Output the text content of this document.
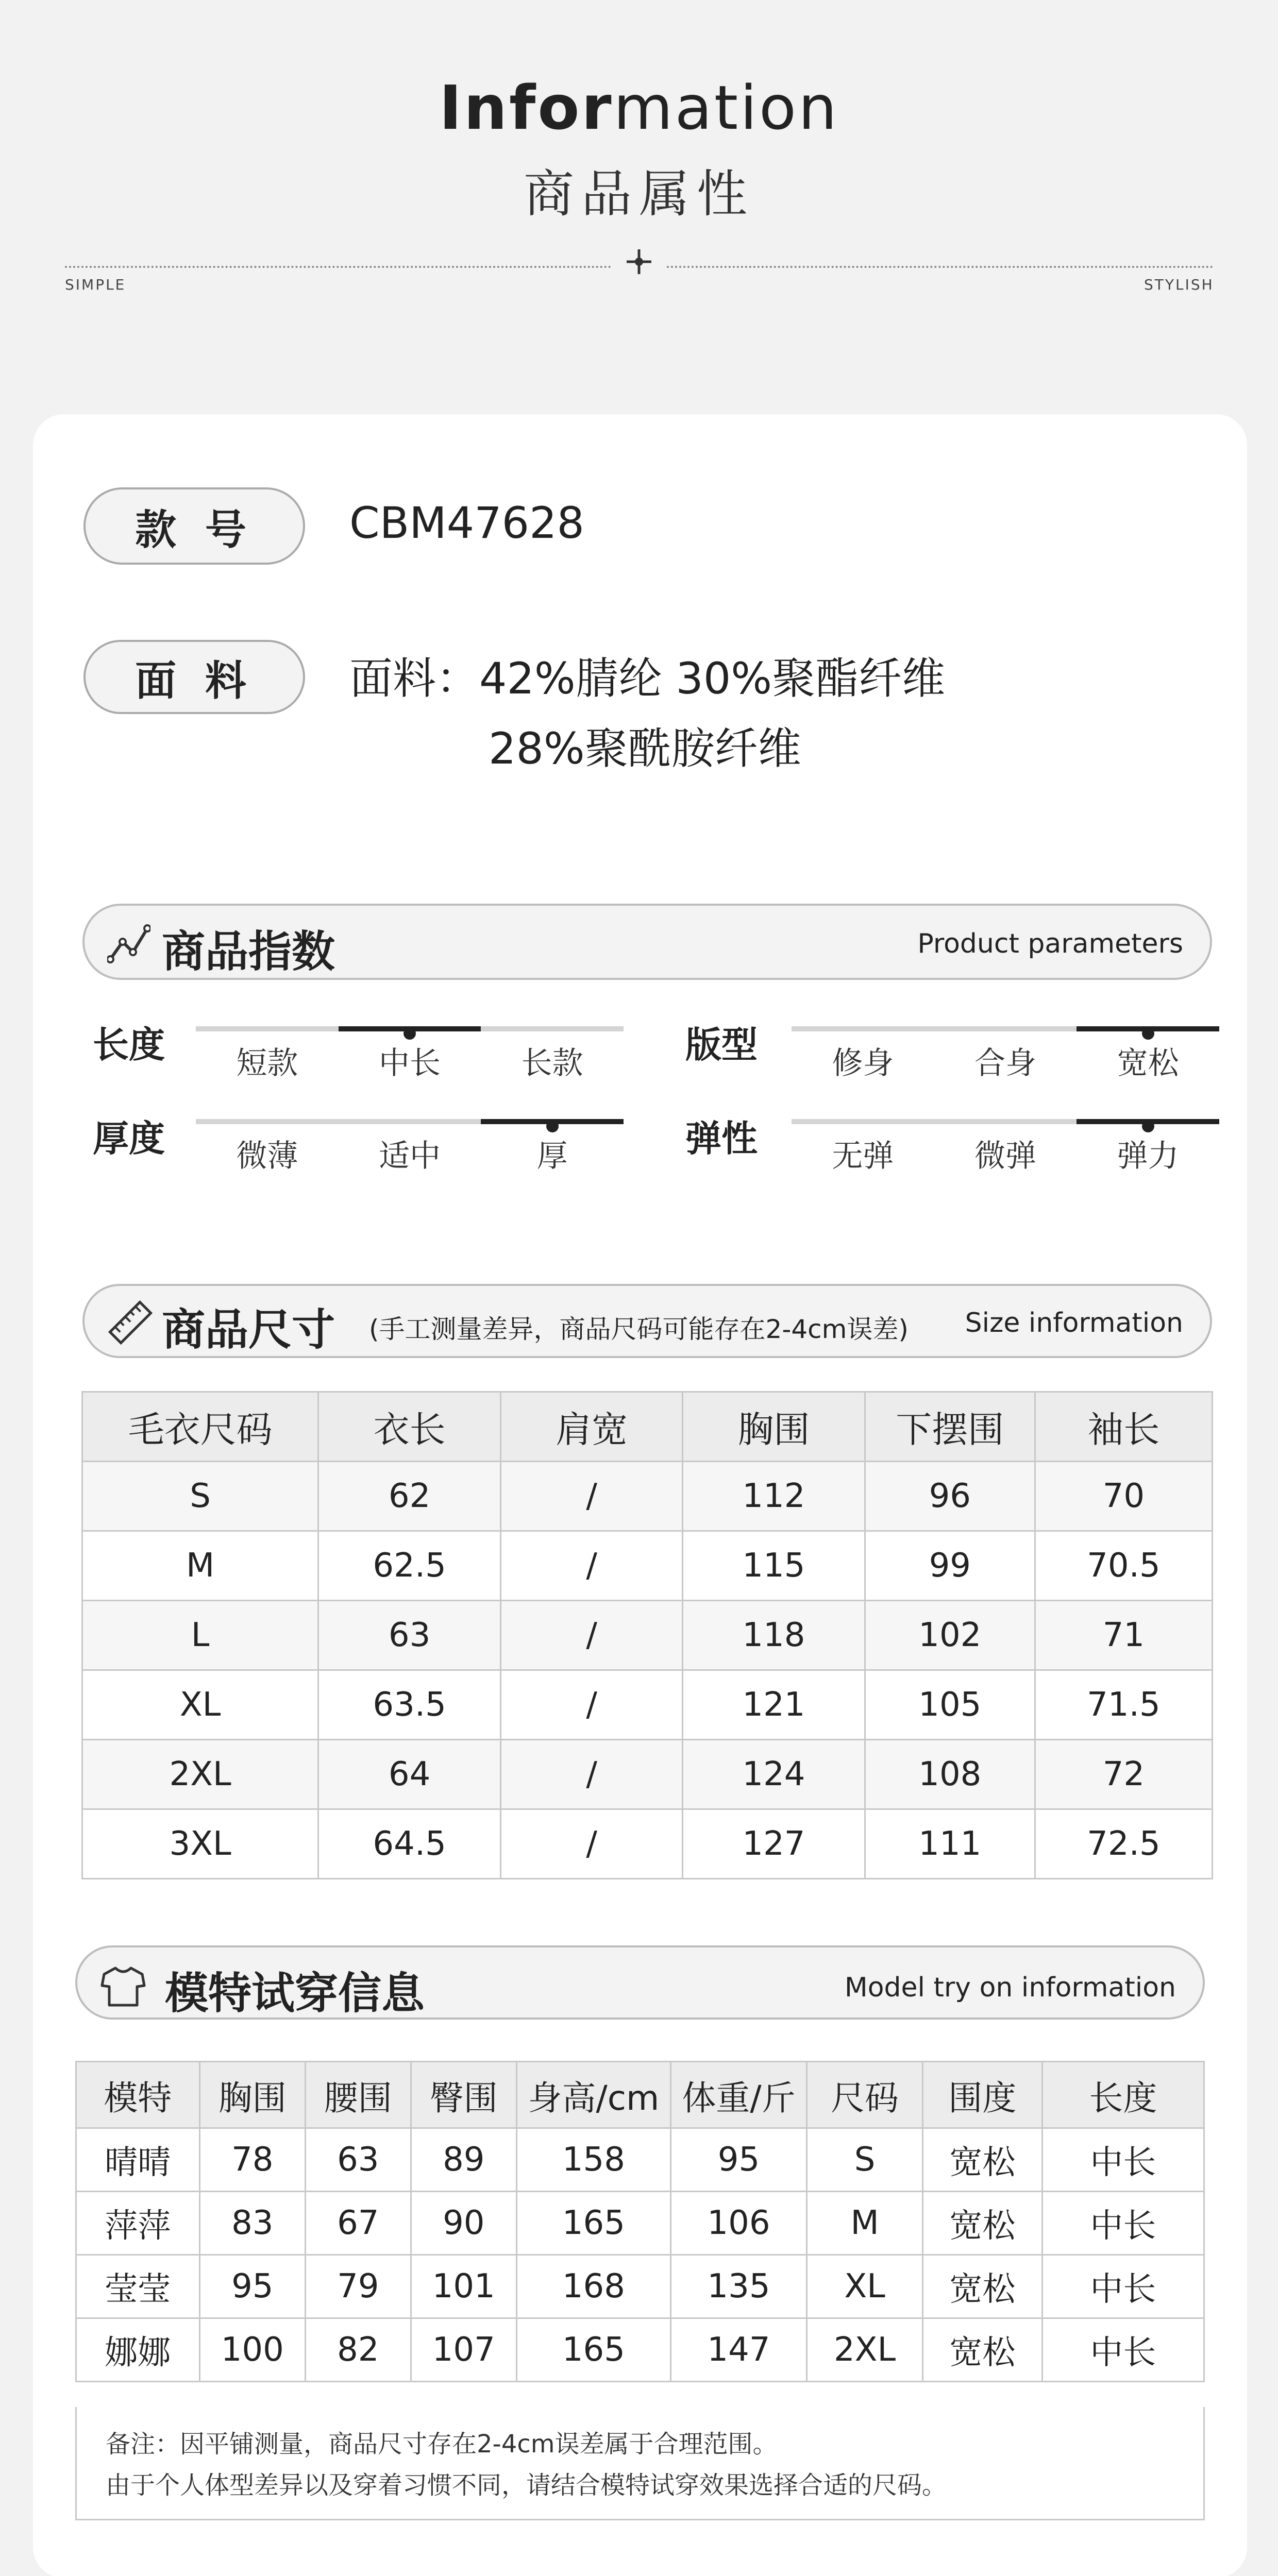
Information
商品属性
SIMPLE	STYLISH
款 号	CBM47628
面 料	面料：42%腈纶 30%聚酯纤维
28%聚酰胺纤维
商品指数	Product parameters
长度	短款	中长	长款	版型	修身	合身	宽松
厚度	微薄	适中	厚	弹性	无弹	微弹	弹力
商品尺寸 (手工测量差异，商品尺码可能存在2-4cm误差) Size information
毛衣尺码	衣长	肩宽	胸围	下摆围	袖长
S	62	/	112	96	70
M	62.5	/	115	99	70.5
L	63	/	118	102	71
XL	63.5	/	121	105	71.5
2XL	64	/	124	108	72
3XL	64.5	/	127	111	72.5
模特试穿信息	Model try on information
模特	胸围	腰围	臀围	身高/cm	体重/斤	尺码	围度	长度
晴晴	78	63	89	158	95	S	宽松	中长
萍萍	83	67	90	165	106	M	宽松	中长
莹莹	95	79	101	168	135	XL	宽松	中长
娜娜	100	82	107	165	147	2XL	宽松	中长
备注：因平铺测量，商品尺寸存在2-4cm误差属于合理范围。
由于个人体型差异以及穿着习惯不同，请结合模特试穿效果选择合适的尺码。
